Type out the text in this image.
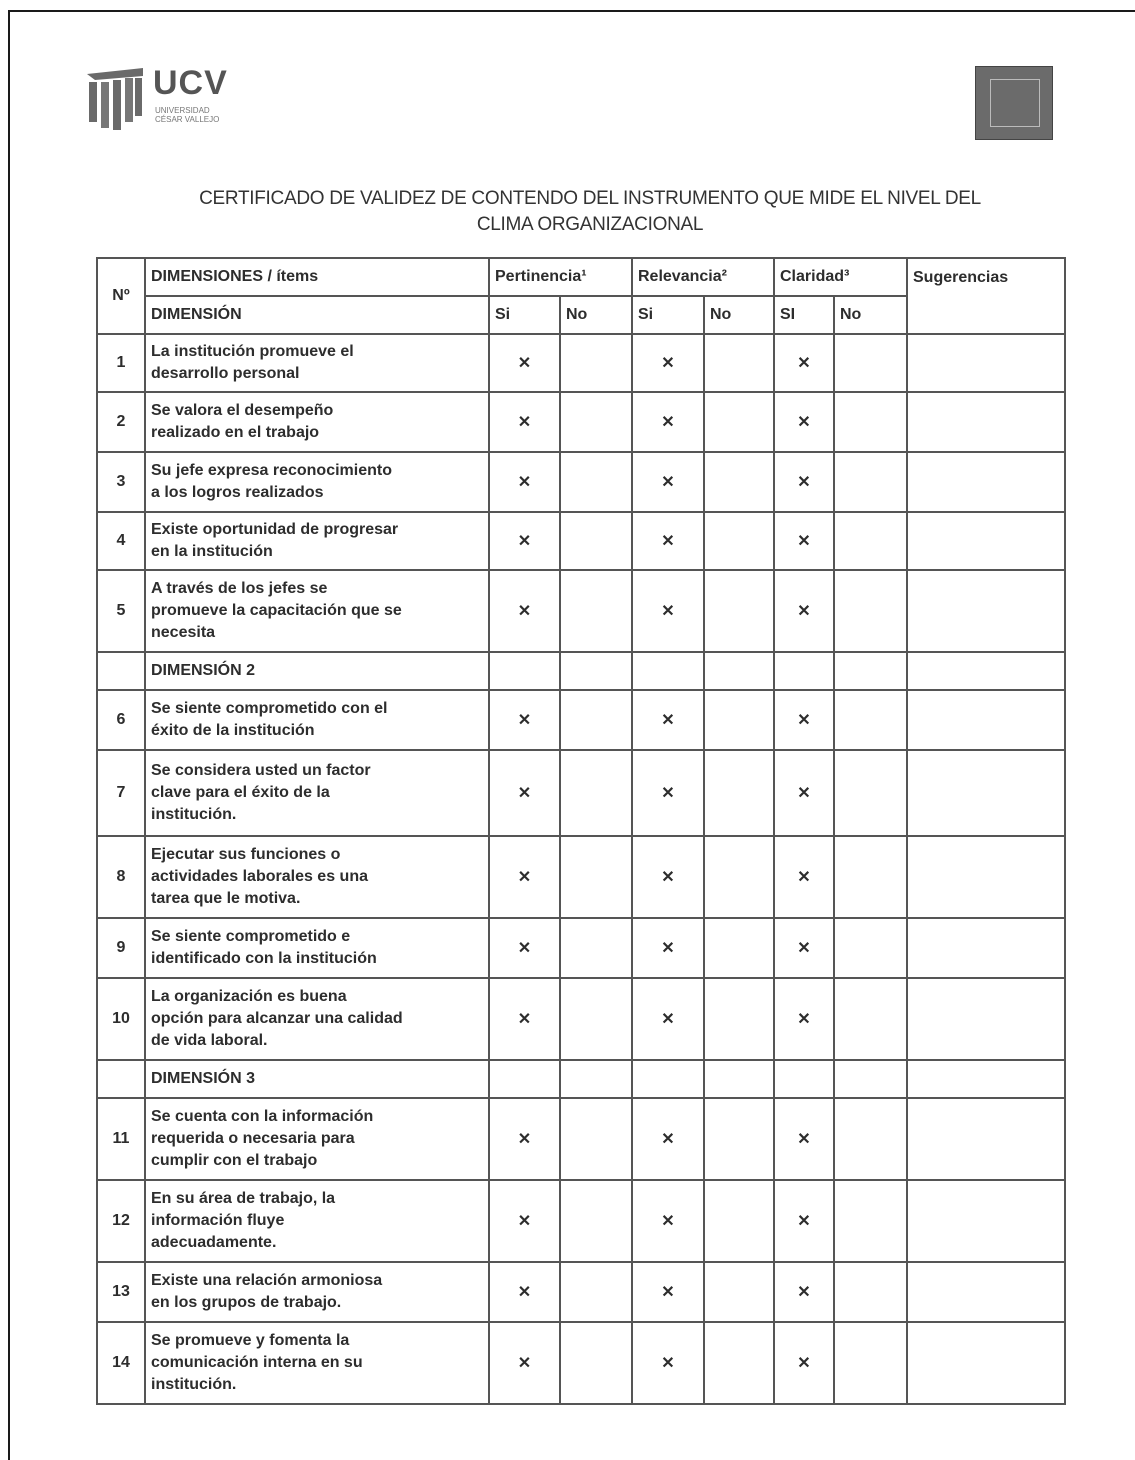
UCV
UNIVERSIDAD
CÉSAR VALLEJO
CERTIFICADO DE VALIDEZ DE CONTENDO DEL INSTRUMENTO QUE MIDE EL NIVEL DEL
CLIMA ORGANIZACIONAL
Nº	DIMENSIONES / ítems	Pertinencia¹		Relevancia²		Claridad³		Sugerencias
	DIMENSIÓN	Si	No	Si	No	SI	No	
1	La institución promueve el
desarrollo personal	✕		✕		✕		
2	Se valora el desempeño
realizado en el trabajo	✕		✕		✕		
3	Su jefe expresa reconocimiento
a los logros realizados	✕		✕		✕		
4	Existe oportunidad de progresar
en la institución	✕		✕		✕		
5	A través de los jefes se
promueve la capacitación que se
necesita	✕		✕		✕		
	DIMENSIÓN 2							
6	Se siente comprometido con el
éxito de la institución	✕		✕		✕		
7	Se considera usted un factor
clave para el éxito de la
institución.	✕		✕		✕		
8	Ejecutar sus funciones o
actividades laborales es una
tarea que le motiva.	✕		✕		✕		
9	Se siente comprometido e
identificado con la institución	✕		✕		✕		
10	La organización es buena
opción para alcanzar una calidad
de vida laboral.	✕		✕		✕		
	DIMENSIÓN 3							
11	Se cuenta con la información
requerida o necesaria para
cumplir con el trabajo	✕		✕		✕		
12	En su área de trabajo, la
información fluye
adecuadamente.	✕		✕		✕		
13	Existe una relación armoniosa
en los grupos de trabajo.	✕		✕		✕		
14	Se promueve y fomenta la
comunicación interna en su
institución.	✕		✕		✕		
